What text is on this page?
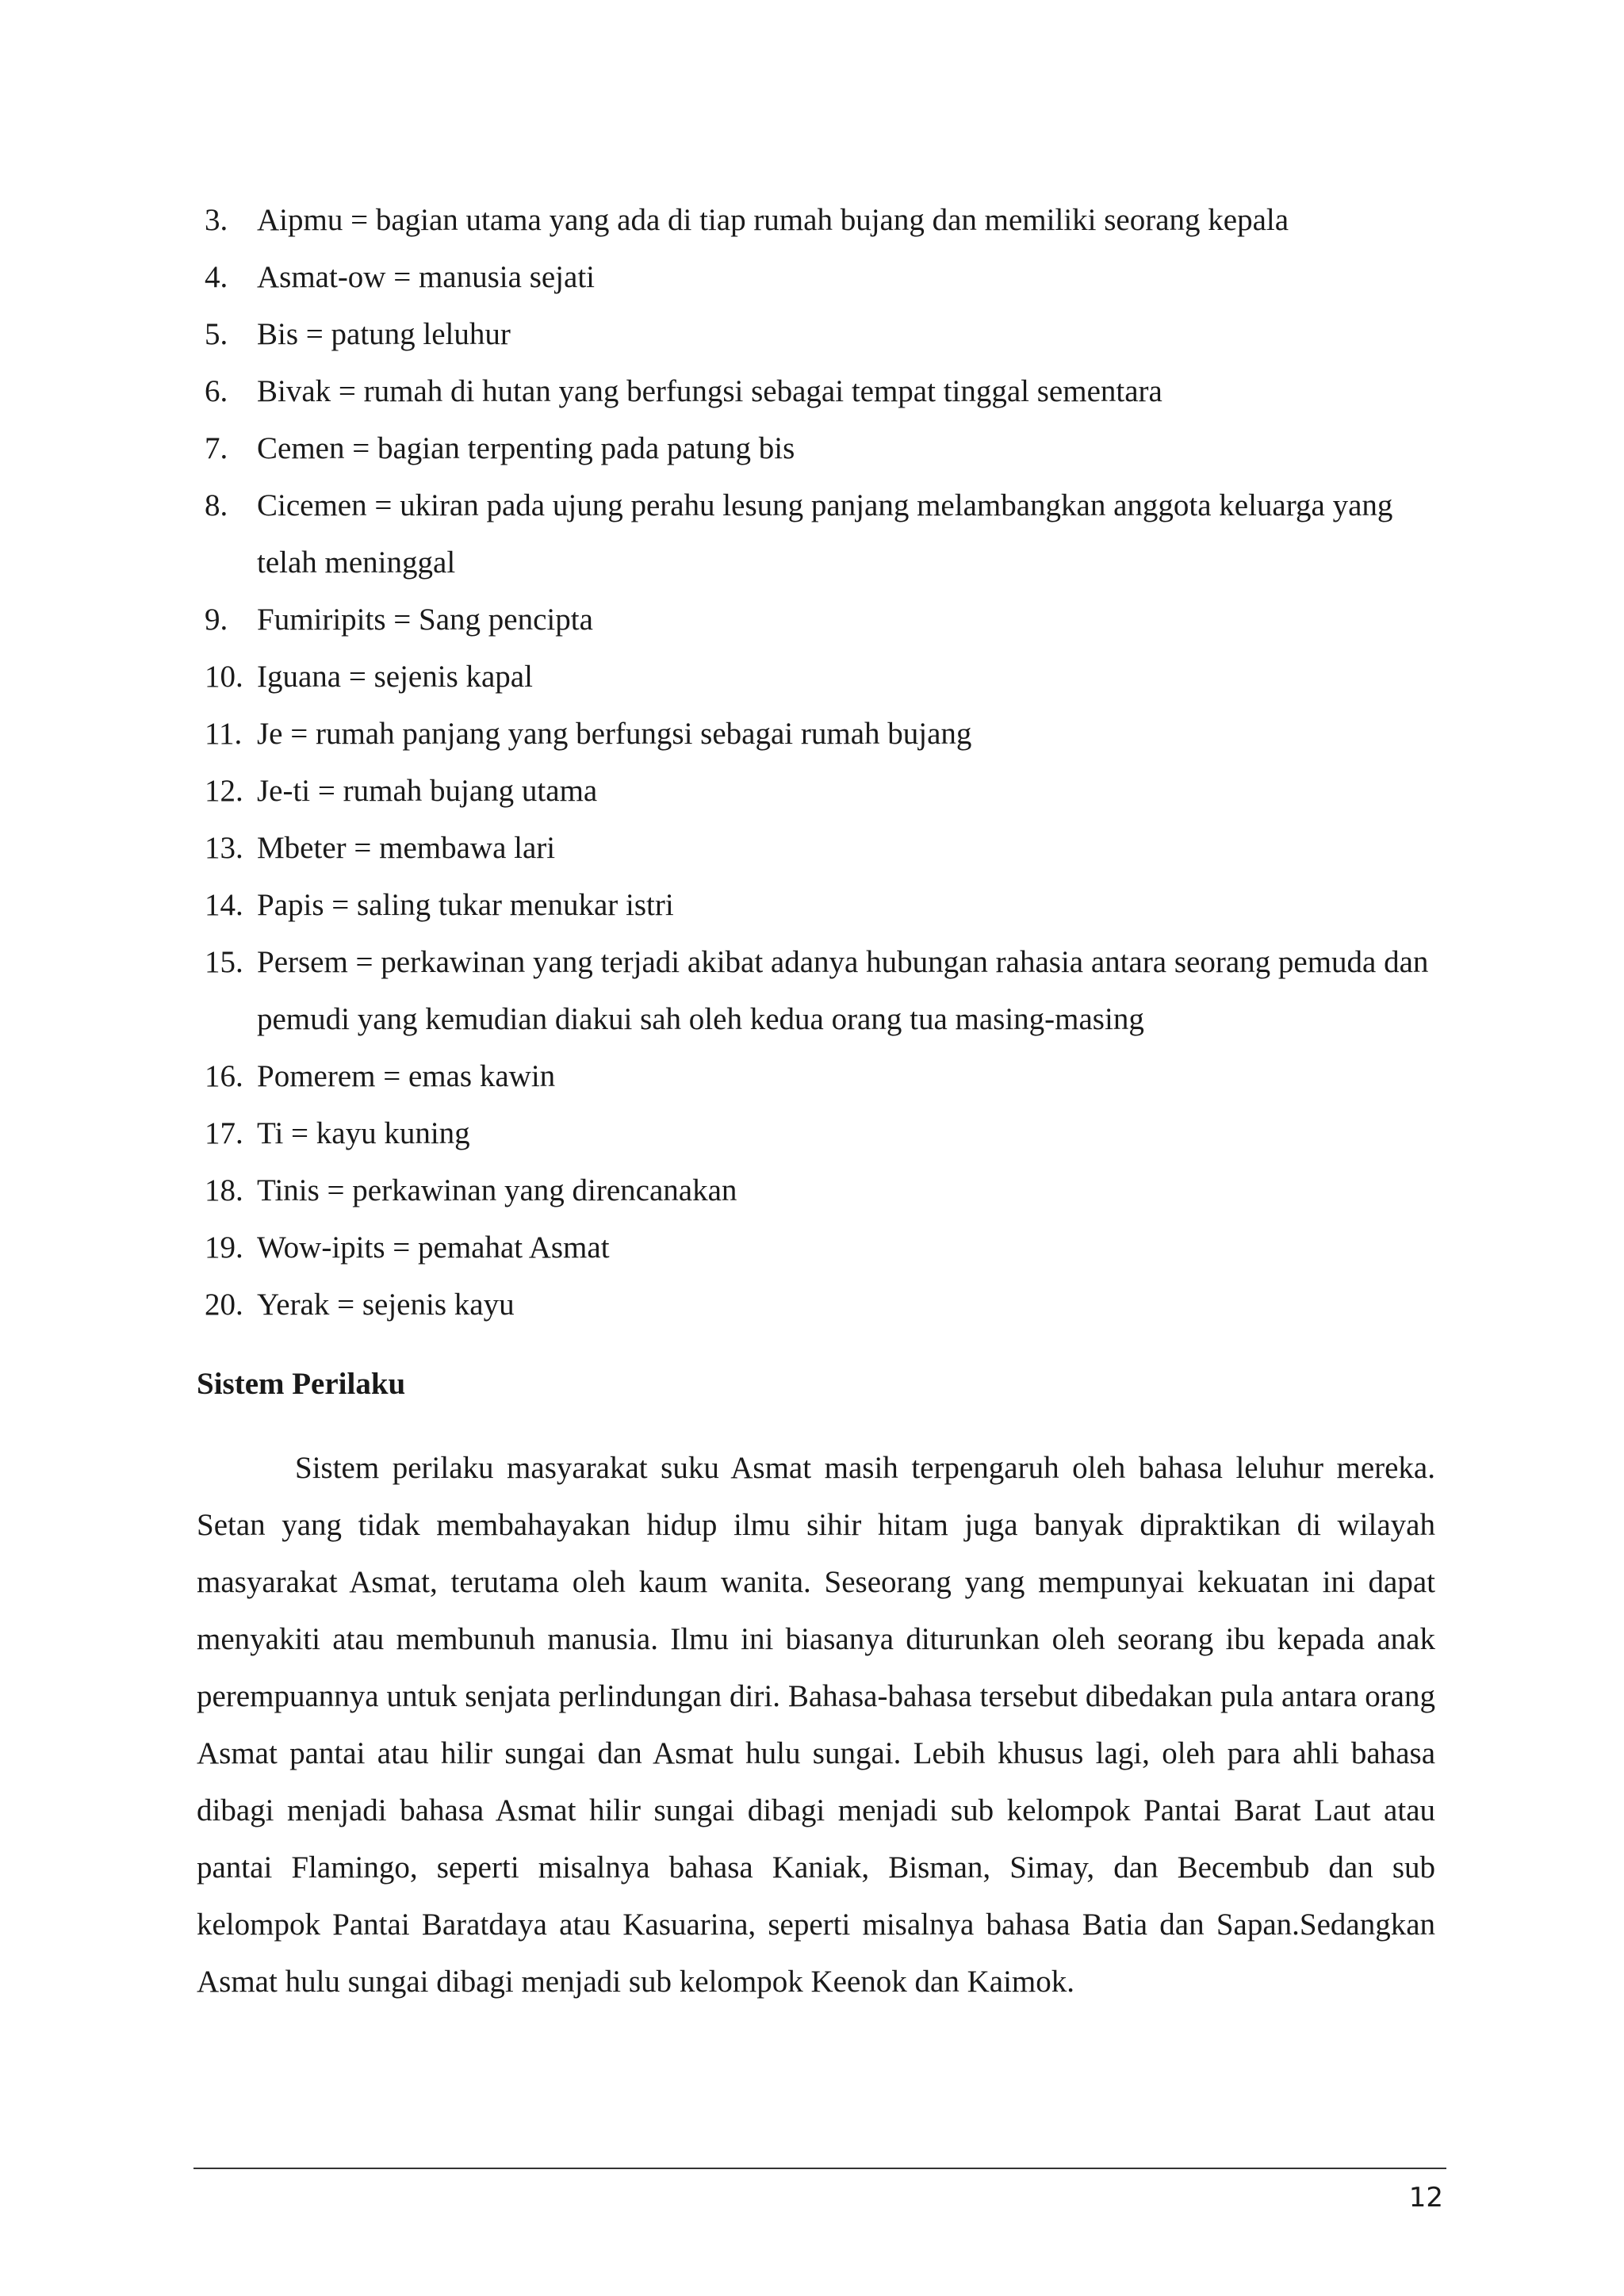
3. Aipmu = bagian utama yang ada di tiap rumah bujang dan memiliki seorang kepala
4. Asmat-ow = manusia sejati
5. Bis = patung leluhur
6. Bivak = rumah di hutan yang berfungsi sebagai tempat tinggal sementara
7. Cemen = bagian terpenting pada patung bis
8. Cicemen = ukiran pada ujung perahu lesung panjang melambangkan anggota keluarga yang telah meninggal
9. Fumiripits = Sang pencipta
10. Iguana = sejenis kapal
11. Je = rumah panjang yang berfungsi sebagai rumah bujang
12. Je-ti = rumah bujang utama
13. Mbeter = membawa lari
14. Papis = saling tukar menukar istri
15. Persem = perkawinan yang terjadi akibat adanya hubungan rahasia antara seorang pemuda dan pemudi yang kemudian diakui sah oleh kedua orang tua masing-masing
16. Pomerem = emas kawin
17. Ti = kayu kuning
18. Tinis = perkawinan yang direncanakan
19. Wow-ipits = pemahat Asmat
20. Yerak = sejenis kayu
Sistem Perilaku

Sistem perilaku masyarakat suku Asmat masih terpengaruh oleh bahasa leluhur mereka. Setan yang tidak membahayakan hidup ilmu sihir hitam juga banyak dipraktikan di wilayah masyarakat Asmat, terutama oleh kaum wanita. Seseorang yang mempunyai kekuatan ini dapat menyakiti atau membunuh manusia. Ilmu ini biasanya diturunkan oleh seorang ibu kepada anak perempuannya untuk senjata perlindungan diri. Bahasa-bahasa tersebut dibedakan pula antara orang Asmat pantai atau hilir sungai dan Asmat hulu sungai. Lebih khusus lagi, oleh para ahli bahasa dibagi menjadi bahasa Asmat hilir sungai dibagi menjadi sub kelompok Pantai Barat Laut atau pantai Flamingo, seperti misalnya bahasa Kaniak, Bisman, Simay, dan Becembub dan sub kelompok Pantai Baratdaya atau Kasuarina, seperti misalnya bahasa Batia dan Sapan.Sedangkan Asmat hulu sungai dibagi menjadi sub kelompok Keenok dan Kaimok.

12
